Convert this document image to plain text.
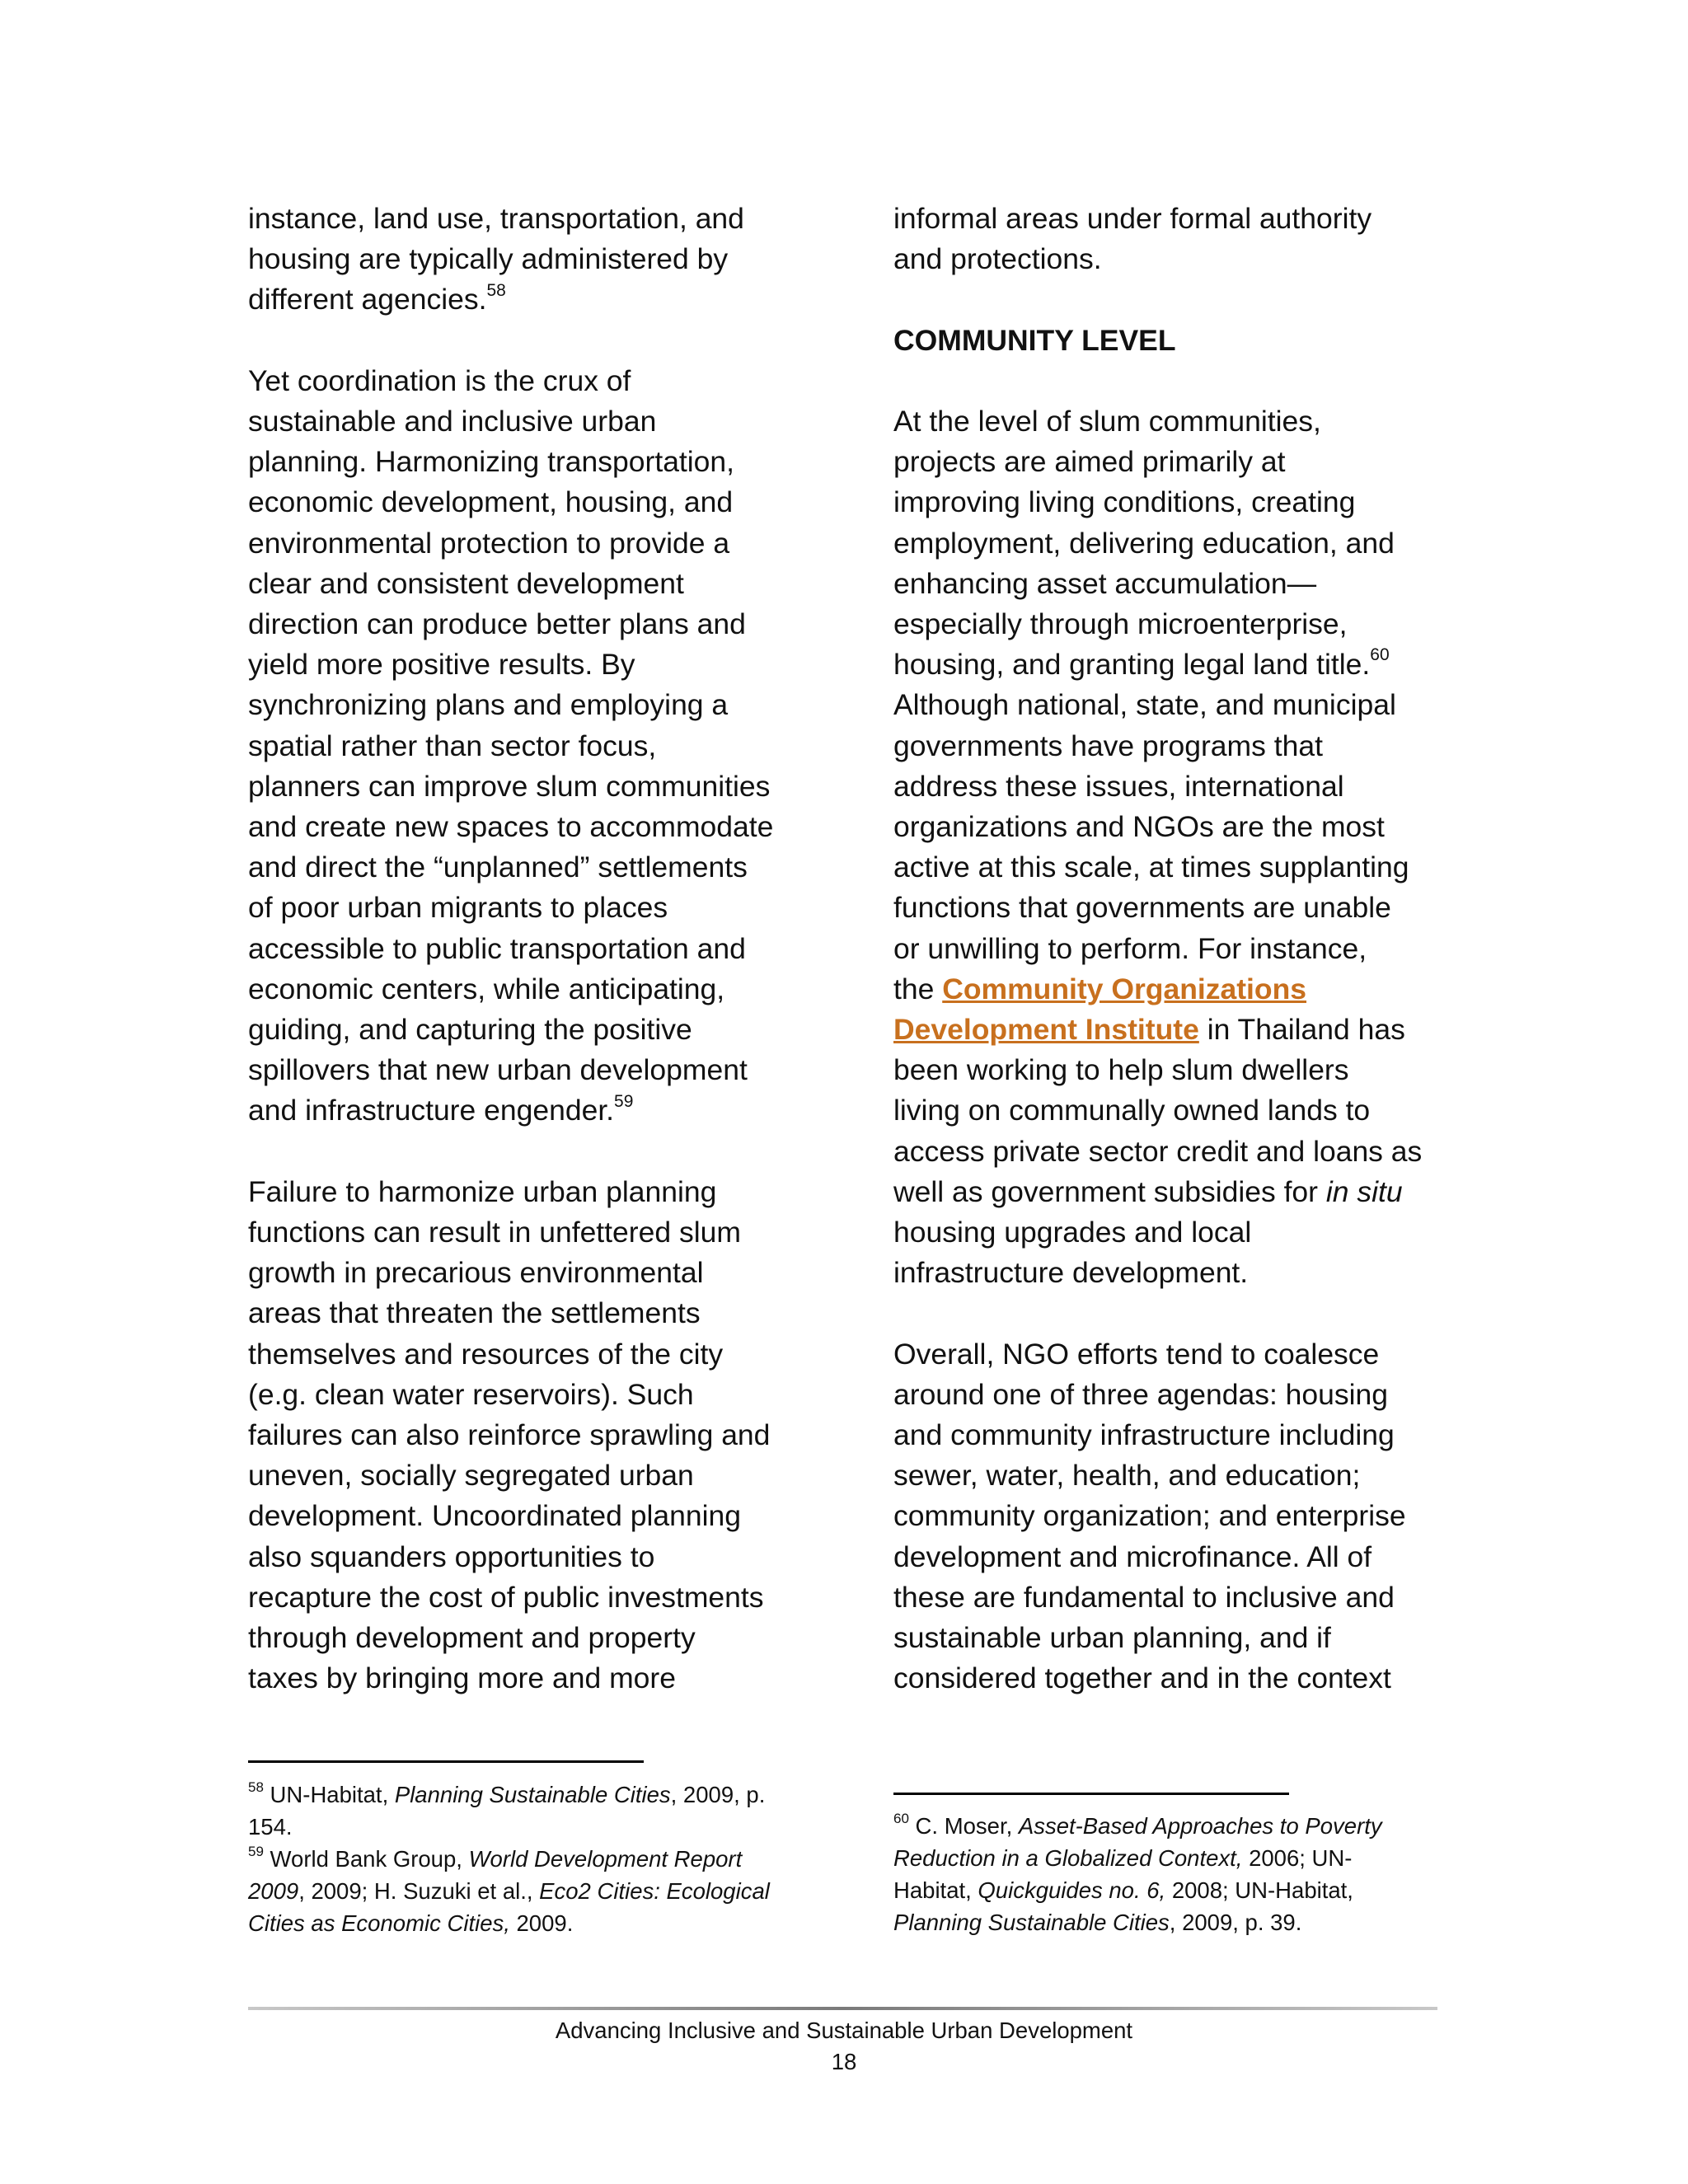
instance, land use, transportation, and
housing are typically administered by
different agencies.$^{58}$

Yet coordination is the crux of
sustainable and inclusive urban
planning. Harmonizing transportation,
economic development, housing, and
environmental protection to provide a
clear and consistent development
direction can produce better plans and
yield more positive results. By
synchronizing plans and employing a
spatial rather than sector focus,
planners can improve slum communities
and create new spaces to accommodate
and direct the “unplanned” settlements
of poor urban migrants to places
accessible to public transportation and
economic centers, while anticipating,
guiding, and capturing the positive
spillovers that new urban development
and infrastructure engender.$^{59}$

Failure to harmonize urban planning
functions can result in unfettered slum
growth in precarious environmental
areas that threaten the settlements
themselves and resources of the city
(e.g. clean water reservoirs). Such
failures can also reinforce sprawling and
uneven, socially segregated urban
development. Uncoordinated planning
also squanders opportunities to
recapture the cost of public investments
through development and property
taxes by bringing more and more

informal areas under formal authority
and protections.

COMMUNITY LEVEL

At the level of slum communities,
projects are aimed primarily at
improving living conditions, creating
employment, delivering education, and
enhancing asset accumulation—
especially through microenterprise,
housing, and granting legal land title.$^{60}$
Although national, state, and municipal
governments have programs that
address these issues, international
organizations and NGOs are the most
active at this scale, at times supplanting
functions that governments are unable
or unwilling to perform. For instance,
the Community Organizations
Development Institute in Thailand has
been working to help slum dwellers
living on communally owned lands to
access private sector credit and loans as
well as government subsidies for in situ
housing upgrades and local
infrastructure development.

Overall, NGO efforts tend to coalesce
around one of three agendas: housing
and community infrastructure including
sewer, water, health, and education;
community organization; and enterprise
development and microfinance. All of
these are fundamental to inclusive and
sustainable urban planning, and if
considered together and in the context

$^{58}$ UN-Habitat, Planning Sustainable Cities, 2009, p.
154.

$^{59}$ World Bank Group, World Development Report
2009, 2009; H. Suzuki et al., Eco2 Cities: Ecological
Cities as Economic Cities, 2009.

$^{60}$ C. Moser, Asset-Based Approaches to Poverty
Reduction in a Globalized Context, 2006; UN-
Habitat, Quickguides no. 6, 2008; UN-Habitat,
Planning Sustainable Cities, 2009, p. 39.

Advancing Inclusive and Sustainable Urban Development
18
